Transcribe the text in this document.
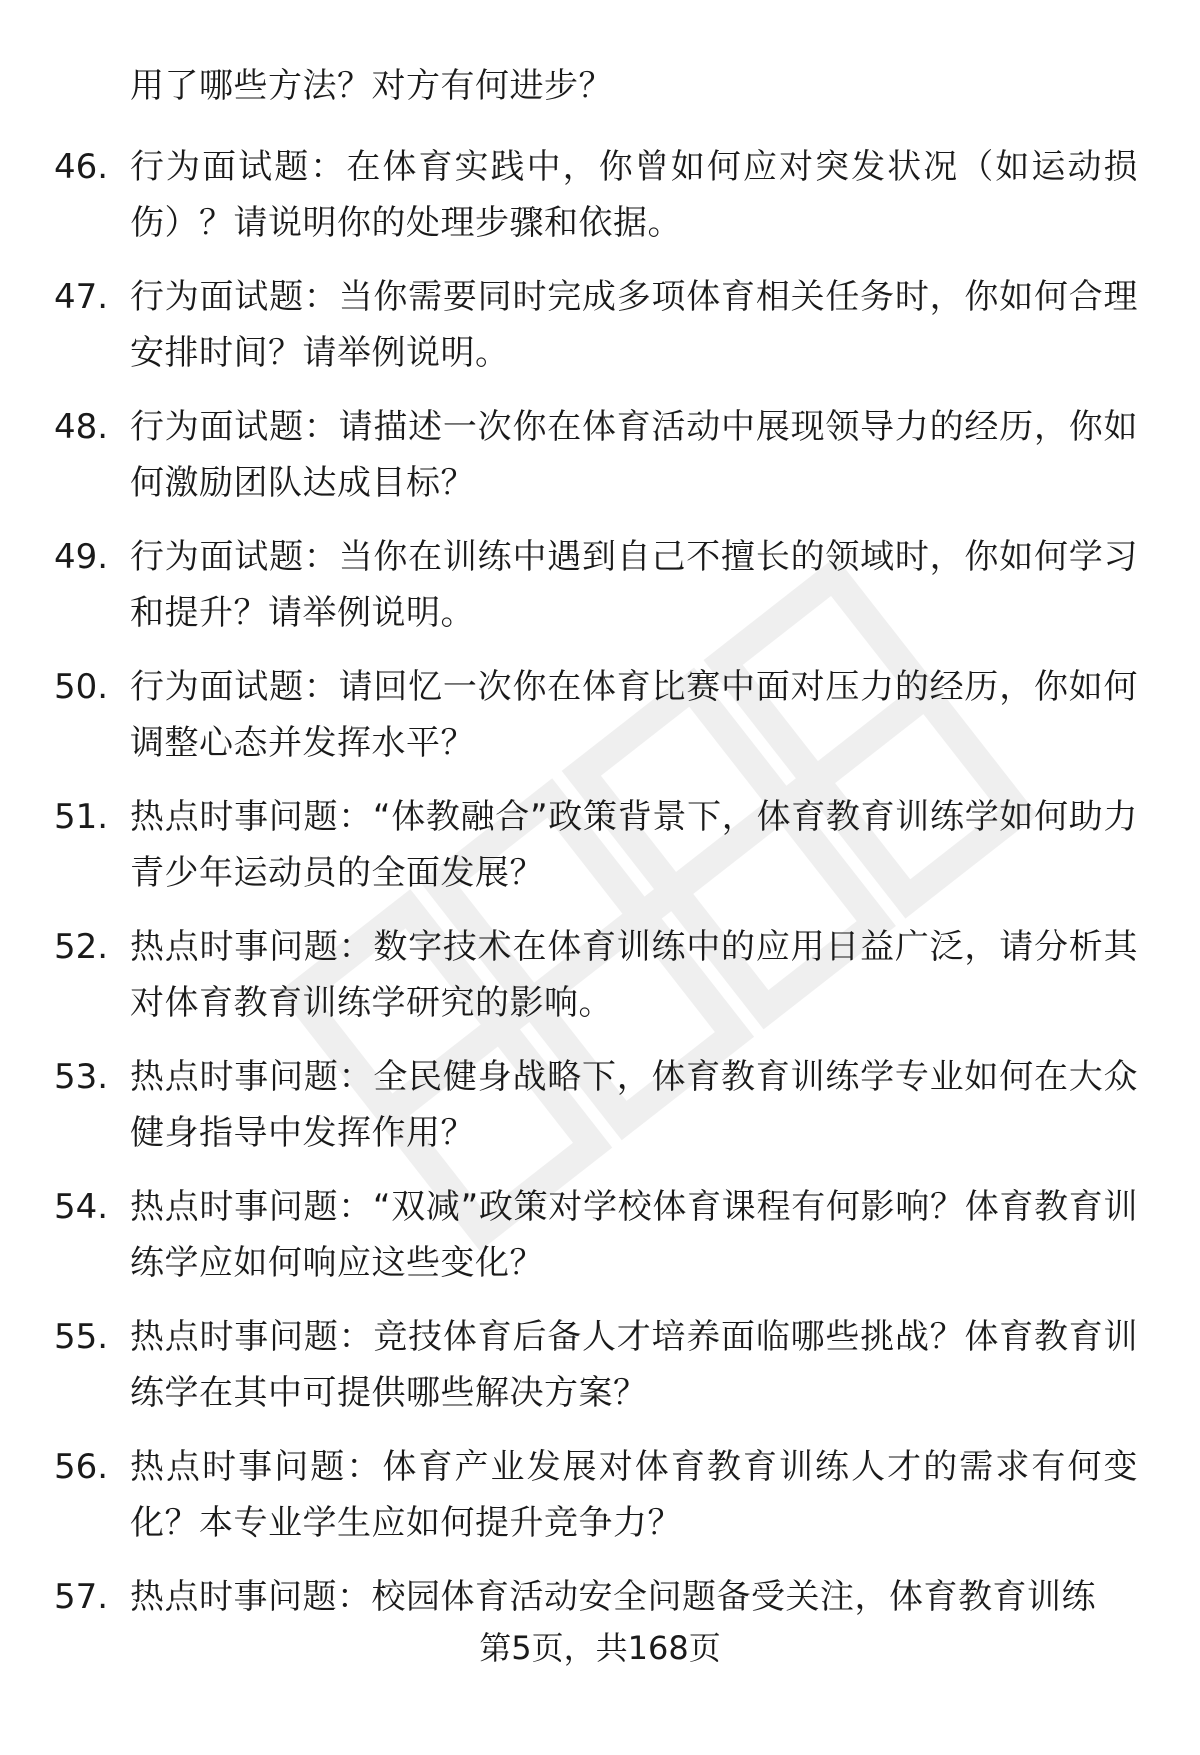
用了哪些方法？对方有何进步？
46. 行为面试题：在体育实践中，你曾如何应对突发状况（如运动损伤）？请说明你的处理步骤和依据。
47. 行为面试题：当你需要同时完成多项体育相关任务时，你如何合理安排时间？请举例说明。
48. 行为面试题：请描述一次你在体育活动中展现领导力的经历，你如何激励团队达成目标？
49. 行为面试题：当你在训练中遇到自己不擅长的领域时，你如何学习和提升？请举例说明。
50. 行为面试题：请回忆一次你在体育比赛中面对压力的经历，你如何调整心态并发挥水平？
51. 热点时事问题：“体教融合”政策背景下，体育教育训练学如何助力青少年运动员的全面发展？
52. 热点时事问题：数字技术在体育训练中的应用日益广泛，请分析其对体育教育训练学研究的影响。
53. 热点时事问题：全民健身战略下，体育教育训练学专业如何在大众健身指导中发挥作用？
54. 热点时事问题：“双减”政策对学校体育课程有何影响？体育教育训练学应如何响应这些变化？
55. 热点时事问题：竞技体育后备人才培养面临哪些挑战？体育教育训练学在其中可提供哪些解决方案？
56. 热点时事问题：体育产业发展对体育教育训练人才的需求有何变化？本专业学生应如何提升竞争力？
57. 热点时事问题：校园体育活动安全问题备受关注，体育教育训练
第5页，共168页
